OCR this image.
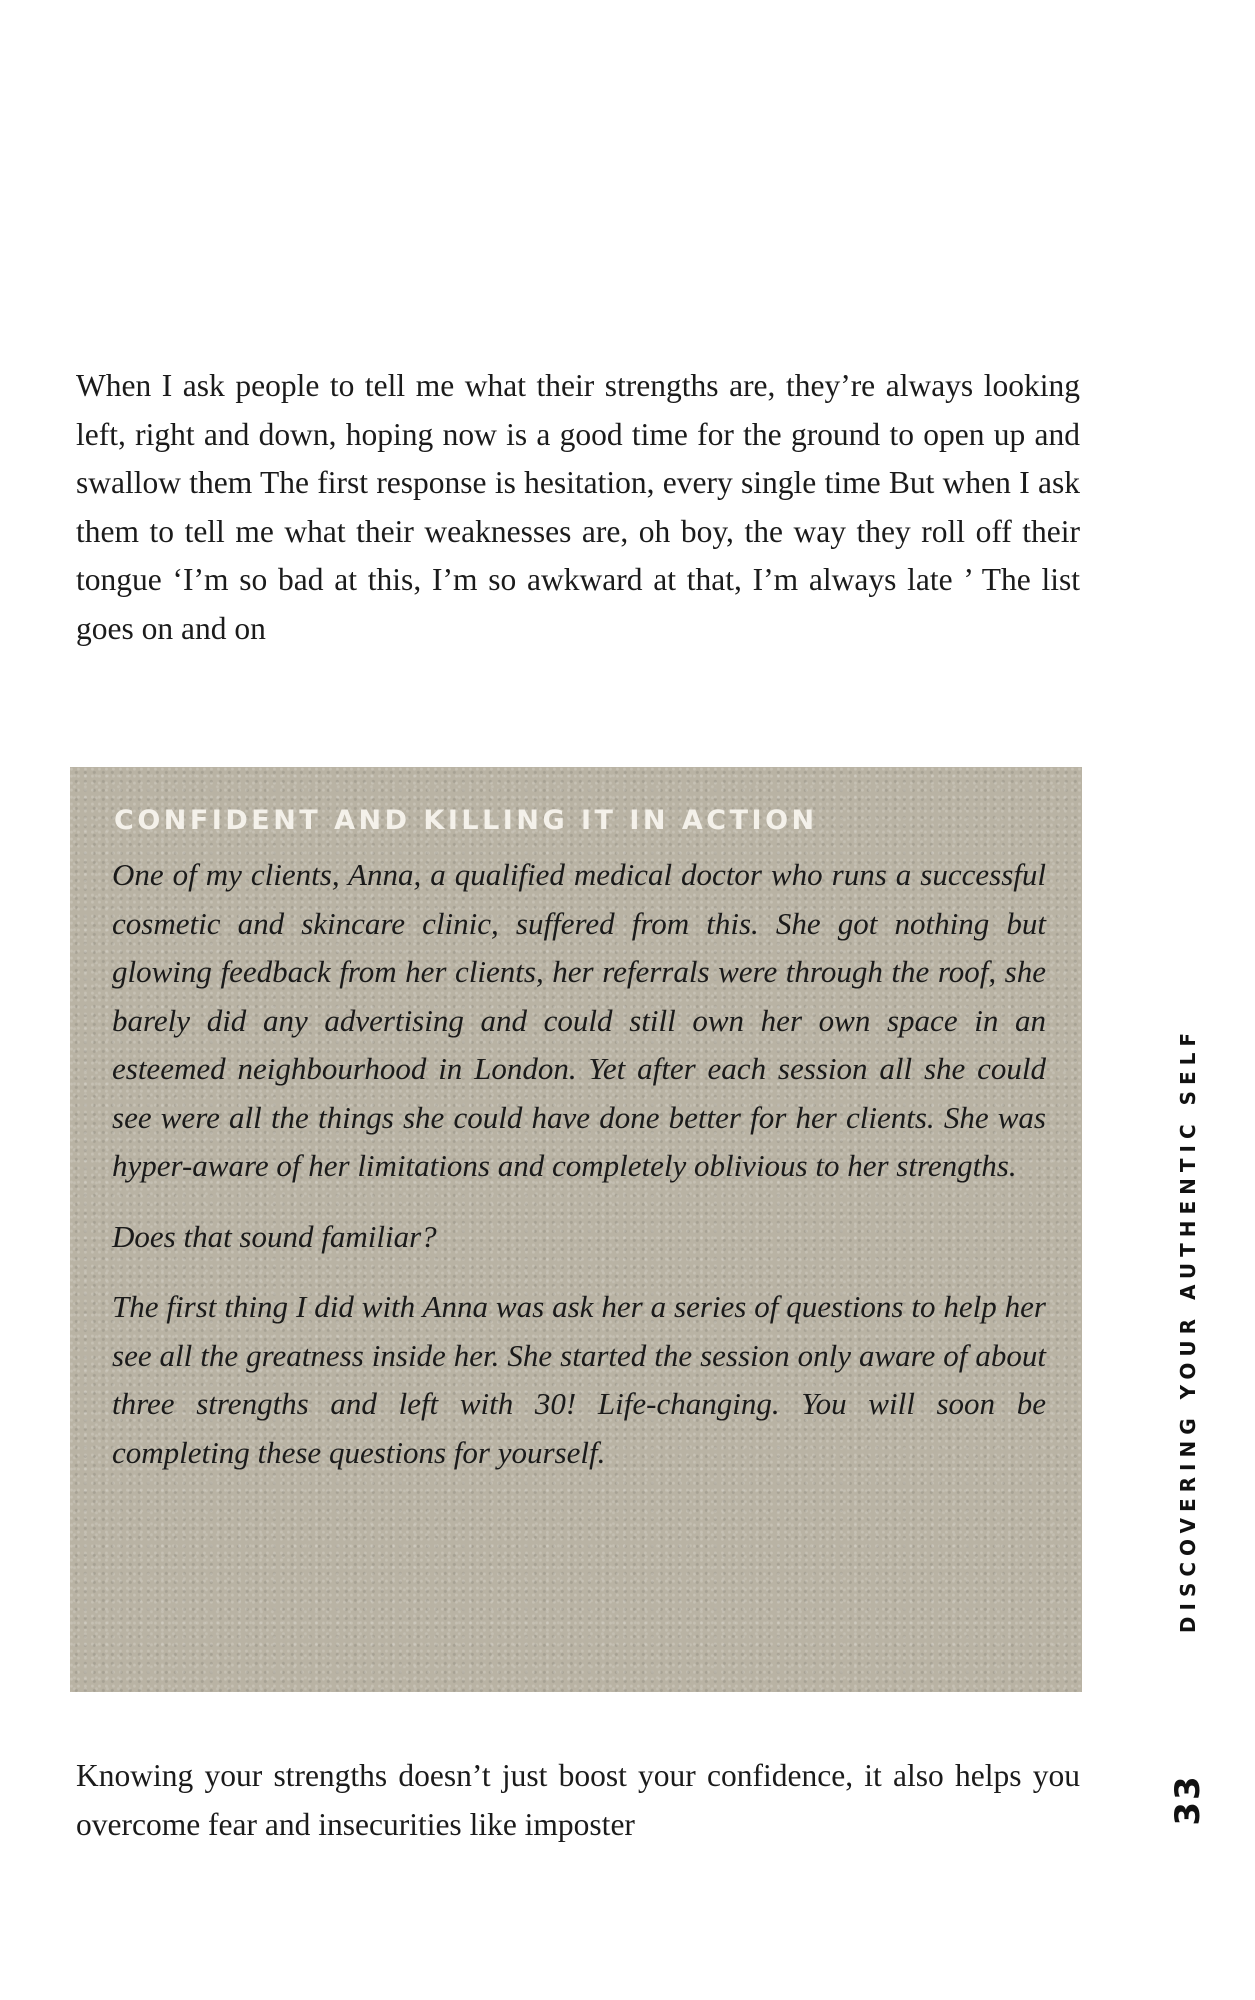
When I ask people to tell me what their strengths are, they’re always looking left, right and down, hoping now is a good time for the ground to open up and swallow them The first response is hesitation, every single time But when I ask them to tell me what their weaknesses are, oh boy, the way they roll off their tongue ‘I’m so bad at this, I’m so awkward at that, I’m always late ’ The list goes on and on

CONFIDENT AND KILLING IT IN ACTION

One of my clients, Anna, a qualified medical doctor who runs a successful cosmetic and skincare clinic, suffered from this. She got nothing but glowing feedback from her clients, her referrals were through the roof, she barely did any advertising and could still own her own space in an esteemed neighbourhood in London. Yet after each session all she could see were all the things she could have done better for her clients. She was hyper-aware of her limitations and completely oblivious to her strengths.

Does that sound familiar?

The first thing I did with Anna was ask her a series of questions to help her see all the greatness inside her. She started the session only aware of about three strengths and left with 30! Life-changing. You will soon be completing these questions for yourself.

Knowing your strengths doesn’t just boost your confidence, it also helps you overcome fear and insecurities like imposter

DISCOVERING YOUR AUTHENTIC SELF
33
